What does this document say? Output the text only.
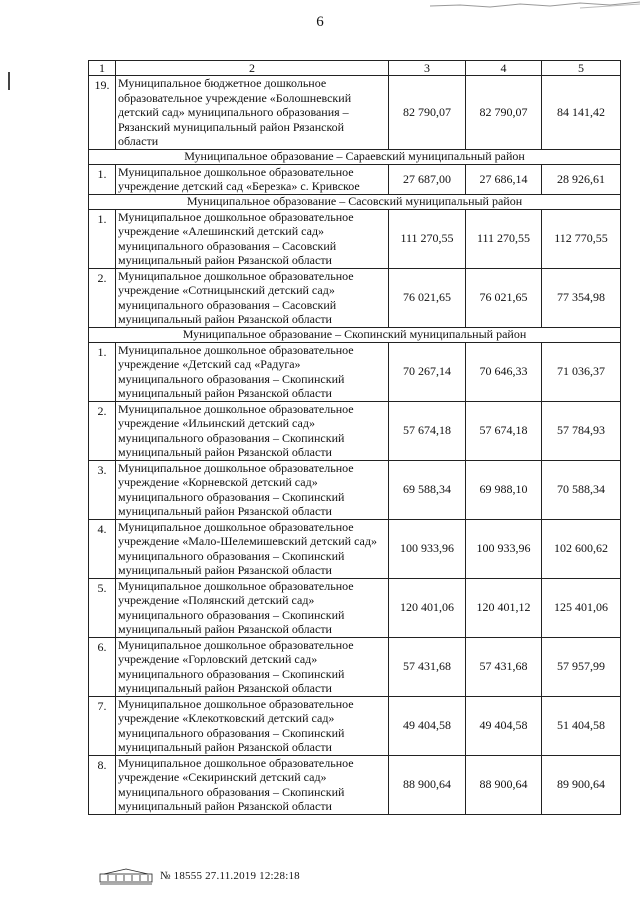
6
1	2	3	4	5
19.	Муниципальное бюджетное дошкольное образовательное учреждение «Болошневский детский сад» муниципального образования – Рязанский муниципальный район Рязанской области	82 790,07	82 790,07	84 141,42
Муниципальное образование – Сараевский муниципальный район				
1.	Муниципальное дошкольное образовательное учреждение детский сад «Березка» с. Кривское	27 687,00	27 686,14	28 926,61
Муниципальное образование – Сасовский муниципальный район				
1.	Муниципальное дошкольное образовательное учреждение «Алешинский детский сад» муниципального образования – Сасовский муниципальный район Рязанской области	111 270,55	111 270,55	112 770,55
2.	Муниципальное дошкольное образовательное учреждение «Сотницынский детский сад» муниципального образования – Сасовский муниципальный район Рязанской области	76 021,65	76 021,65	77 354,98
Муниципальное образование – Скопинский муниципальный район				
1.	Муниципальное дошкольное образовательное учреждение «Детский сад «Радуга» муниципального образования – Скопинский муниципальный район Рязанской области	70 267,14	70 646,33	71 036,37
2.	Муниципальное дошкольное образовательное учреждение «Ильинский детский сад» муниципального образования – Скопинский муниципальный район Рязанской области	57 674,18	57 674,18	57 784,93
3.	Муниципальное дошкольное образовательное учреждение «Корневской детский сад» муниципального образования – Скопинский муниципальный район Рязанской области	69 588,34	69 988,10	70 588,34
4.	Муниципальное дошкольное образовательное учреждение «Мало-Шелемишевский детский сад» муниципального образования – Скопинский муниципальный район Рязанской области	100 933,96	100 933,96	102 600,62
5.	Муниципальное дошкольное образовательное учреждение «Полянский детский сад» муниципального образования – Скопинский муниципальный район Рязанской области	120 401,06	120 401,12	125 401,06
6.	Муниципальное дошкольное образовательное учреждение «Горловский детский сад» муниципального образования – Скопинский муниципальный район Рязанской области	57 431,68	57 431,68	57 957,99
7.	Муниципальное дошкольное образовательное учреждение «Клекотковский детский сад» муниципального образования – Скопинский муниципальный район Рязанской области	49 404,58	49 404,58	51 404,58
8.	Муниципальное дошкольное образовательное учреждение «Секиринский детский сад» муниципального образования – Скопинский муниципальный район Рязанской области	88 900,64	88 900,64	89 900,64
№ 18555 27.11.2019 12:28:18
